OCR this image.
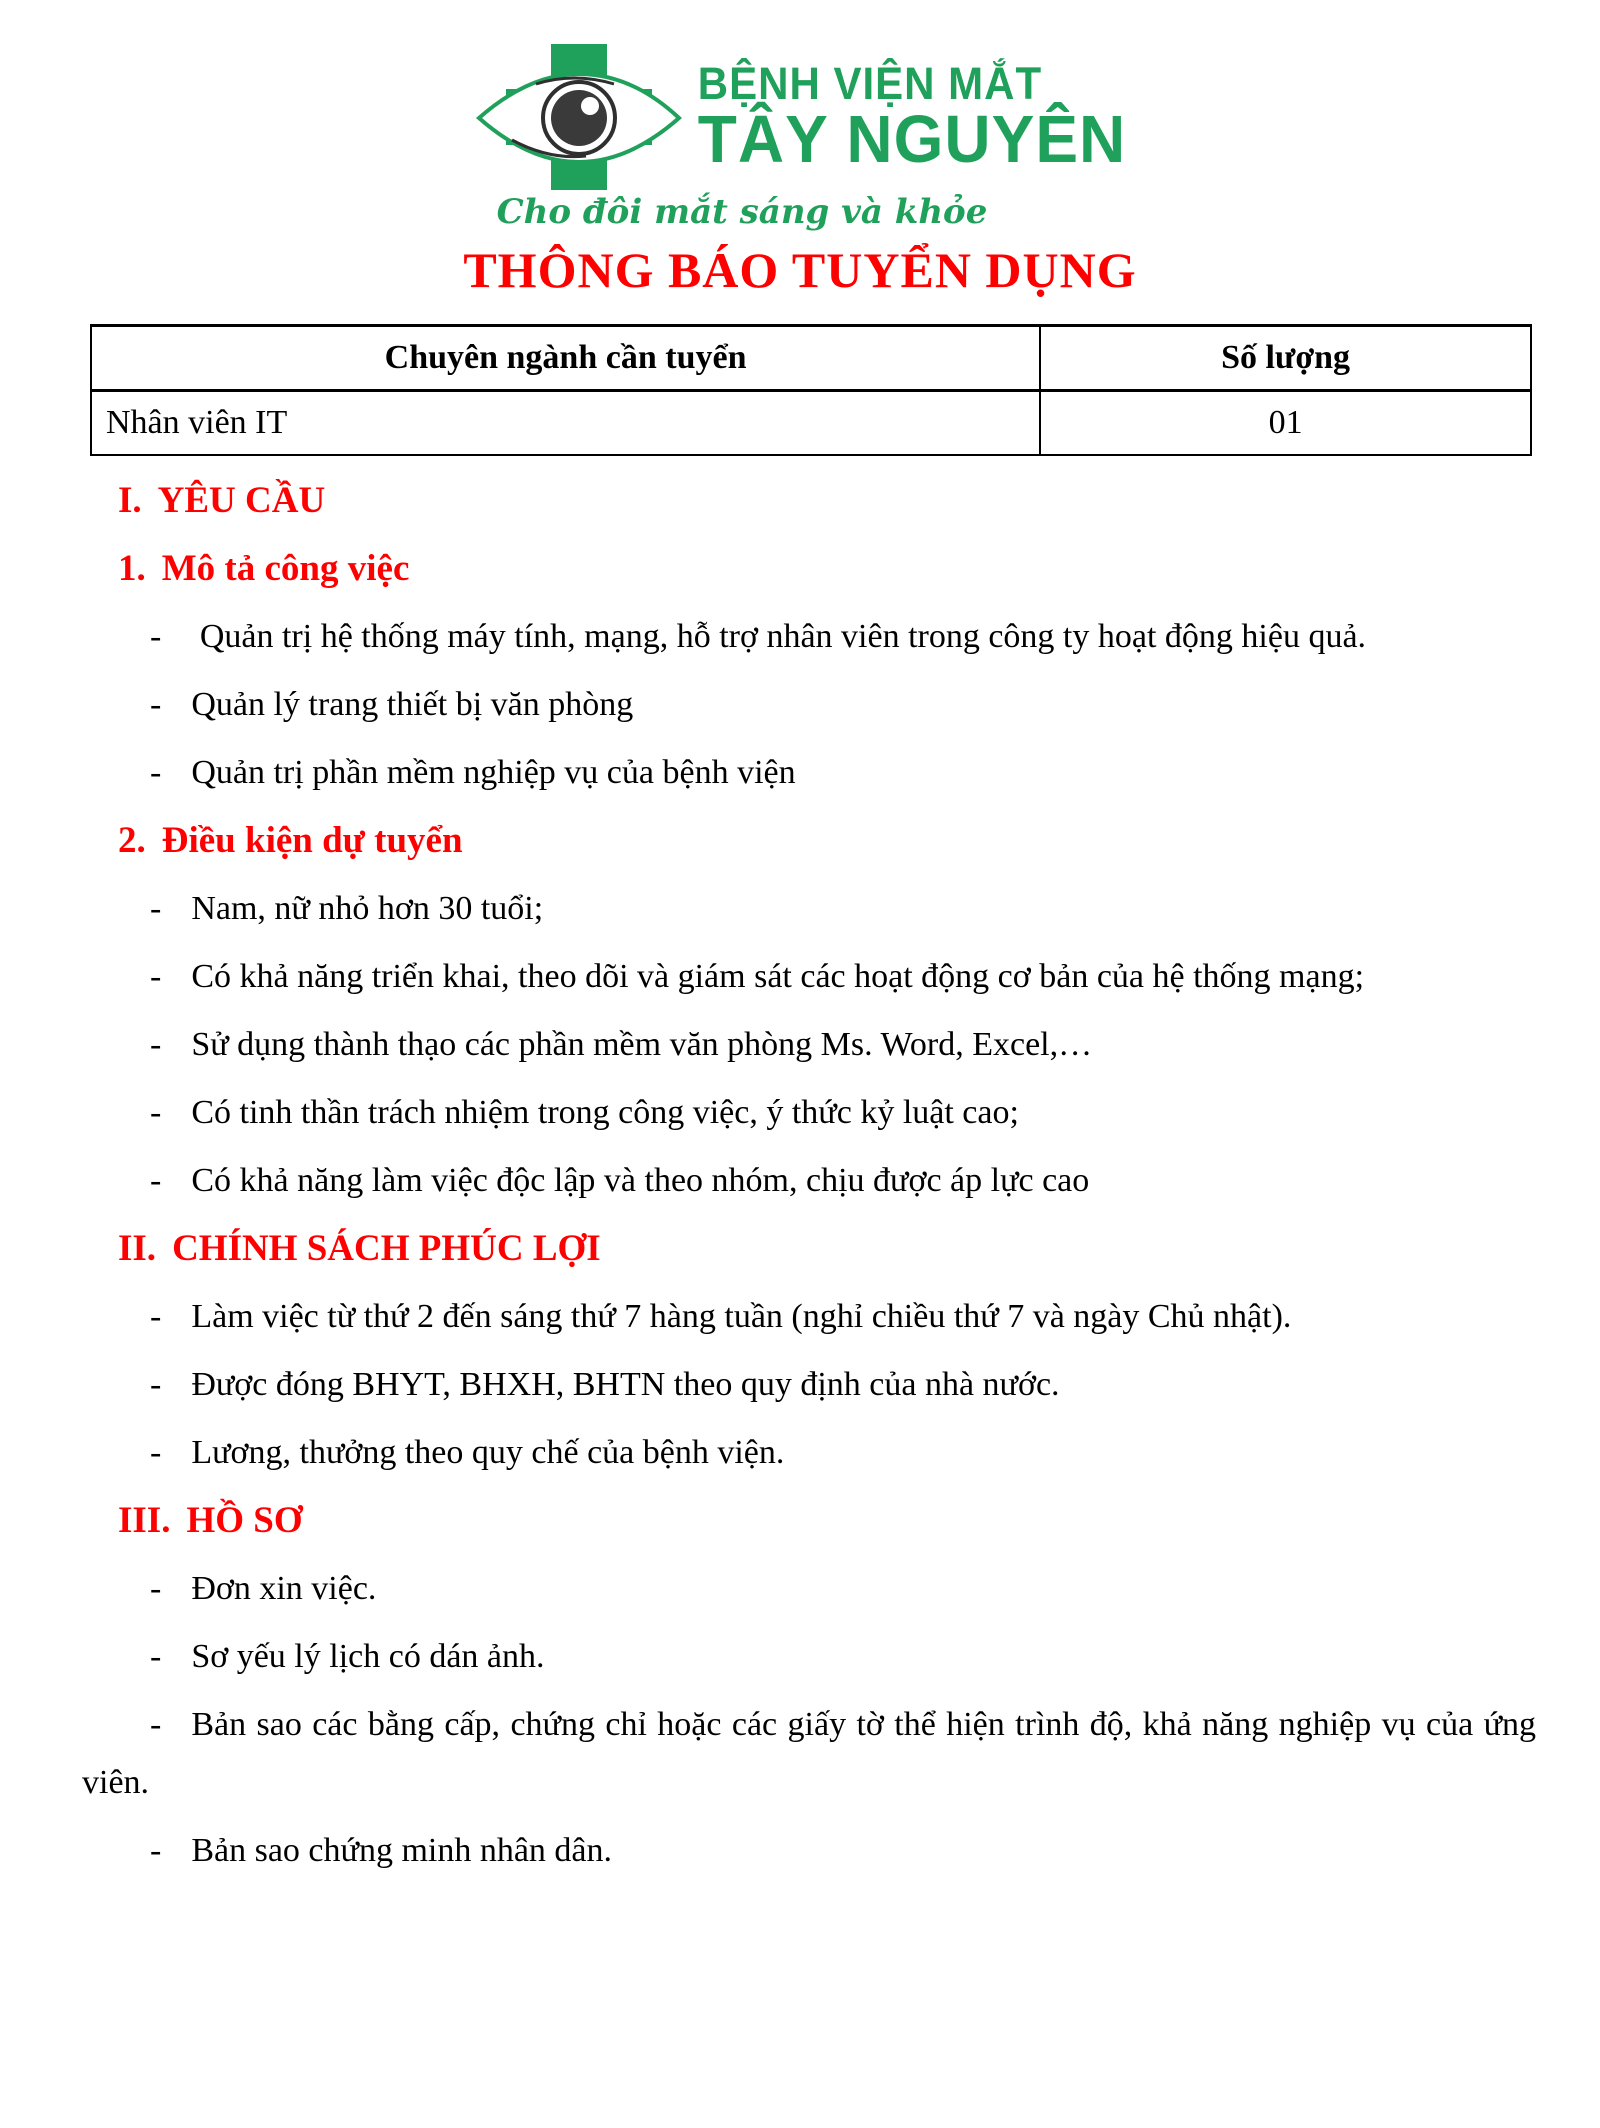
BỆNH VIỆN MẮT
TÂY NGUYÊN
Cho đôi mắt sáng và khỏe
THÔNG BÁO TUYỂN DỤNG
Chuyên ngành cần tuyển	Số lượng
Nhân viên IT	01

I. YÊU CẦU

1. Mô tả công việc

- Quản trị hệ thống máy tính, mạng, hỗ trợ nhân viên trong công ty hoạt động hiệu quả.

- Quản lý trang thiết bị văn phòng

- Quản trị phần mềm nghiệp vụ của bệnh viện

2. Điều kiện dự tuyển

- Nam, nữ nhỏ hơn 30 tuổi;

- Có khả năng triển khai, theo dõi và giám sát các hoạt động cơ bản của hệ thống mạng;

- Sử dụng thành thạo các phần mềm văn phòng Ms. Word, Excel,…

- Có tinh thần trách nhiệm trong công việc, ý thức kỷ luật cao;

- Có khả năng làm việc độc lập và theo nhóm, chịu được áp lực cao

II. CHÍNH SÁCH PHÚC LỢI

- Làm việc từ thứ 2 đến sáng thứ 7 hàng tuần (nghỉ chiều thứ 7 và ngày Chủ nhật).

- Được đóng BHYT, BHXH, BHTN theo quy định của nhà nước.

- Lương, thưởng theo quy chế của bệnh viện.

III. HỒ SƠ

- Đơn xin việc.

- Sơ yếu lý lịch có dán ảnh.

- Bản sao các bằng cấp, chứng chỉ hoặc các giấy tờ thể hiện trình độ, khả năng nghiệp vụ của ứng viên.

- Bản sao chứng minh nhân dân.
